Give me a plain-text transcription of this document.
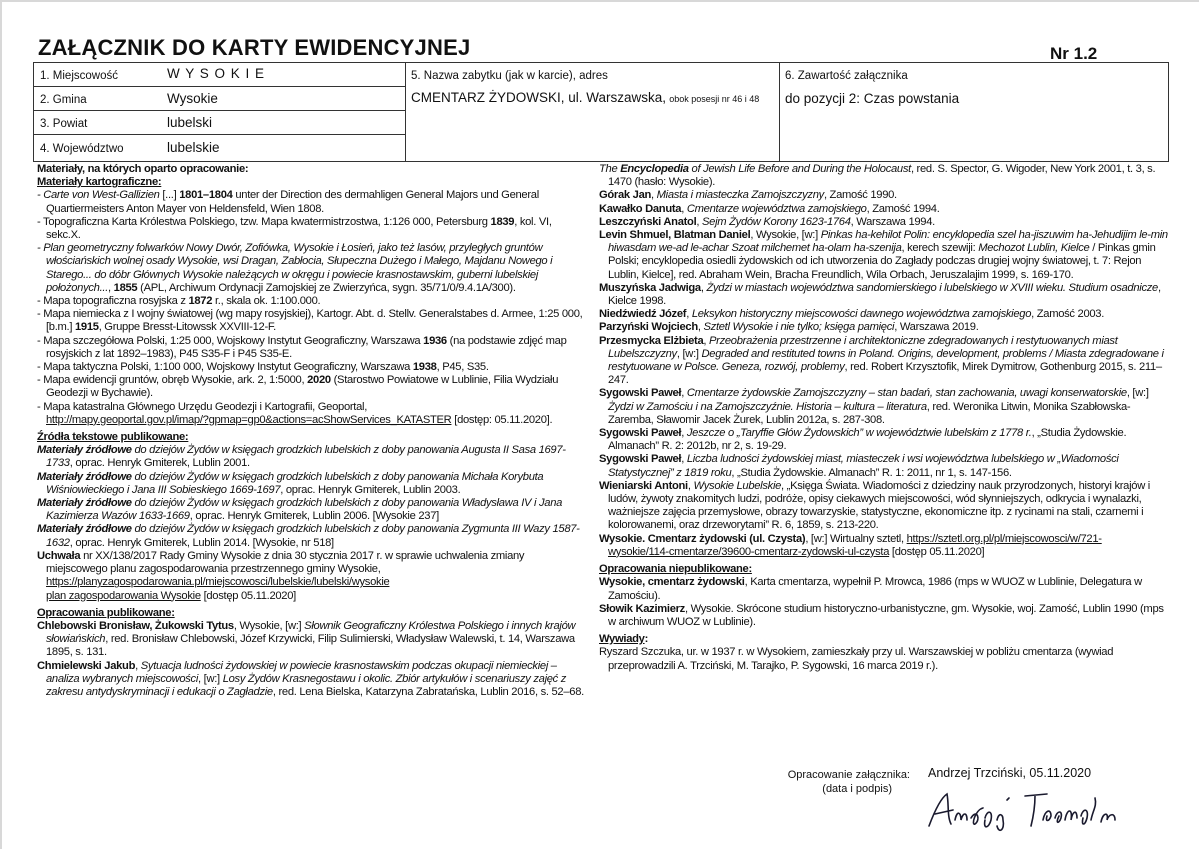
ZAŁĄCZNIK DO KARTY EWIDENCYJNEJ	Nr 1.2
1. Miejscowość	W Y S O K I E
2. Gmina	Wysokie
3. Powiat	lubelski
4. Województwo	lubelskie
5. Nazwa zabytku (jak w karcie), adres
CMENTARZ ŻYDOWSKI, ul. Warszawska, obok posesji nr 46 i 48
6. Zawartość załącznika
do pozycji 2: Czas powstania

Materiały, na których oparto opracowanie:

Materiały kartograficzne:

- Carte von West-Gallizien [...] 1801–1804 unter der Direction des dermahligen General Majors und General Quartiermeisters Anton Mayer von Heldensfeld, Wien 1808.

- Topograficzna Karta Królestwa Polskiego, tzw. Mapa kwatermistrzostwa, 1:126 000, Petersburg 1839, kol. VI, sekc.X.

- Plan geometryczny folwarków Nowy Dwór, Zofiówka, Wysokie i Łosień, jako też lasów, przyległych gruntów włościańskich wolnej osady Wysokie, wsi Dragan, Zabłocia, Słupeczna Dużego i Małego, Majdanu Nowego i Starego... do dóbr Głównych Wysokie należących w okręgu i powiecie krasnostawskim, guberni lubelskiej położonych..., 1855 (APL, Archiwum Ordynacji Zamojskiej ze Zwierzyńca, sygn. 35/71/0/9.4.1A/300).

- Mapa topograficzna rosyjska z 1872 r., skala ok. 1:100.000.

- Mapa niemiecka z I wojny światowej (wg mapy rosyjskiej), Kartogr. Abt. d. Stellv. Generalstabes d. Armee, 1:25 000, [b.m.] 1915, Gruppe Bresst-Litowssk XXVIII-12-F.

- Mapa szczegółowa Polski, 1:25 000, Wojskowy Instytut Geograficzny, Warszawa 1936 (na podstawie zdjęć map rosyjskich z lat 1892–1983), P45 S35-F i P45 S35-E.

- Mapa taktyczna Polski, 1:100 000, Wojskowy Instytut Geograficzny, Warszawa 1938, P45, S35.

- Mapa ewidencji gruntów, obręb Wysokie, ark. 2, 1:5000, 2020 (Starostwo Powiatowe w Lublinie, Filia Wydziału Geodezji w Bychawie).

- Mapa katastralna Głównego Urzędu Geodezji i Kartografii, Geoportal,
http://mapy.geoportal.gov.pl/imap/?gpmap=gp0&actions=acShowServices_KATASTER [dostęp: 05.11.2020].

Źródła tekstowe publikowane:

Materiały źródłowe do dziejów Żydów w księgach grodzkich lubelskich z doby panowania Augusta II Sasa 1697-1733, oprac. Henryk Gmiterek, Lublin 2001.

Materiały źródłowe do dziejów Żydów w księgach grodzkich lubelskich z doby panowania Michała Korybuta Wiśniowieckiego i Jana III Sobieskiego 1669-1697, oprac. Henryk Gmiterek, Lublin 2003.

Materiały źródłowe do dziejów Żydów w księgach grodzkich lubelskich z doby panowania Władysława IV i Jana Kazimierza Wazów 1633-1669, oprac. Henryk Gmiterek, Lublin 2006. [Wysokie 237]

Materiały źródłowe do dziejów Żydów w księgach grodzkich lubelskich z doby panowania Zygmunta III Wazy 1587-1632, oprac. Henryk Gmiterek, Lublin 2014. [Wysokie, nr 518]

Uchwała nr XX/138/2017 Rady Gminy Wysokie z dnia 30 stycznia 2017 r. w sprawie uchwalenia zmiany miejscowego planu zagospodarowania przestrzennego gminy Wysokie,
https://planyzagospodarowania.pl/miejscowosci/lubelskie/lubelski/wysokie
plan zagospodarowania Wysokie [dostęp 05.11.2020]

Opracowania publikowane:

Chlebowski Bronisław, Żukowski Tytus, Wysokie, [w:] Słownik Geograficzny Królestwa Polskiego i innych krajów słowiańskich, red. Bronisław Chlebowski, Józef Krzywicki, Filip Sulimierski, Władysław Walewski, t. 14, Warszawa 1895, s. 131.

Chmielewski Jakub, Sytuacja ludności żydowskiej w powiecie krasnostawskim podczas okupacji niemieckiej – analiza wybranych miejscowości, [w:] Losy Żydów Krasnegostawu i okolic. Zbiór artykułów i scenariuszy zajęć z zakresu antydyskryminacji i edukacji o Zagładzie, red. Lena Bielska, Katarzyna Zabratańska, Lublin 2016, s. 52–68.

The Encyclopedia of Jewish Life Before and During the Holocaust, red. S. Spector, G. Wigoder, New York 2001, t. 3, s. 1470 (hasło: Wysokie).

Górak Jan, Miasta i miasteczka Zamojszczyzny, Zamość 1990.

Kawałko Danuta, Cmentarze województwa zamojskiego, Zamość 1994.

Leszczyński Anatol, Sejm Żydów Korony 1623-1764, Warszawa 1994.

Levin Shmuel, Blatman Daniel, Wysokie, [w:] Pinkas ha-kehilot Polin: encyklopedia szel ha-jiszuwim ha-Jehudijim le-min hiwasdam we-ad le-achar Szoat milchemet ha-olam ha-szenija, kerech szewiji: Mechozot Lublin, Kielce / Pinkas gmin Polski; encyklopedia osiedli żydowskich od ich utworzenia do Zagłady podczas drugiej wojny światowej, t. 7: Rejon Lublin, Kielce], red. Abraham Wein, Bracha Freundlich, Wila Orbach, Jeruszalajim 1999, s. 169-170.

Muszyńska Jadwiga, Żydzi w miastach województwa sandomierskiego i lubelskiego w XVIII wieku. Studium osadnicze, Kielce 1998.

Niedźwiedź Józef, Leksykon historyczny miejscowości dawnego województwa zamojskiego, Zamość 2003.

Parzyński Wojciech, Sztetl Wysokie i nie tylko; księga pamięci, Warszawa 2019.

Przesmycka Elżbieta, Przeobrażenia przestrzenne i architektoniczne zdegradowanych i restytuowanych miast Lubelszczyzny, [w:] Degraded and restituted towns in Poland. Origins, development, problems / Miasta zdegradowane i restytuowane w Polsce. Geneza, rozwój, problemy, red. Robert Krzysztofik, Mirek Dymitrow, Gothenburg 2015, s. 211–247.

Sygowski Paweł, Cmentarze żydowskie Zamojszczyzny – stan badań, stan zachowania, uwagi konserwatorskie, [w:] Żydzi w Zamościu i na Zamojszczyźnie. Historia – kultura – literatura, red. Weronika Litwin, Monika Szabłowska-Zaremba, Sławomir Jacek Żurek, Lublin 2012a, s. 287-308.

Sygowski Paweł, Jeszcze o „Taryffie Głów Żydowskich” w województwie lubelskim z 1778 r., „Studia Żydowskie. Almanach” R. 2: 2012b, nr 2, s. 19-29.

Sygowski Paweł, Liczba ludności żydowskiej miast, miasteczek i wsi województwa lubelskiego w „Wiadomości Statystycznej” z 1819 roku, „Studia Żydowskie. Almanach” R. 1: 2011, nr 1, s. 147-156.

Wieniarski Antoni, Wysokie Lubelskie, „Księga Świata. Wiadomości z dziedziny nauk przyrodzonych, historyi krajów i ludów, żywoty znakomitych ludzi, podróże, opisy ciekawych miejscowości, wód słynniejszych, odkrycia i wynalazki, ważniejsze zajęcia przemysłowe, obrazy towarzyskie, statystyczne, ekonomiczne itp. z rycinami na stali, czarnemi i kolorowanemi, oraz drzeworytami” R. 6, 1859, s. 213-220.

Wysokie. Cmentarz żydowski (ul. Czysta), [w:] Wirtualny sztetl, https://sztetl.org.pl/pl/miejscowosci/w/721-
wysokie/114-cmentarze/39600-cmentarz-zydowski-ul-czysta [dostęp 05.11.2020]

Opracowania niepublikowane:

Wysokie, cmentarz żydowski, Karta cmentarza, wypełnił P. Mrowca, 1986 (mps w WUOZ w Lublinie, Delegatura w Zamościu).

Słowik Kazimierz, Wysokie. Skrócone studium historyczno-urbanistyczne, gm. Wysokie, woj. Zamość, Lublin 1990 (mps w archiwum WUOZ w Lublinie).

Wywiady:

Ryszard Szczuka, ur. w 1937 r. w Wysokiem, zamieszkały przy ul. Warszawskiej w pobliżu cmentarza (wywiad przeprowadzili A. Trzciński, M. Tarajko, P. Sygowski, 16 marca 2019 r.).

Opracowanie załącznika:
(data i podpis)
Andrzej Trzciński, 05.11.2020
